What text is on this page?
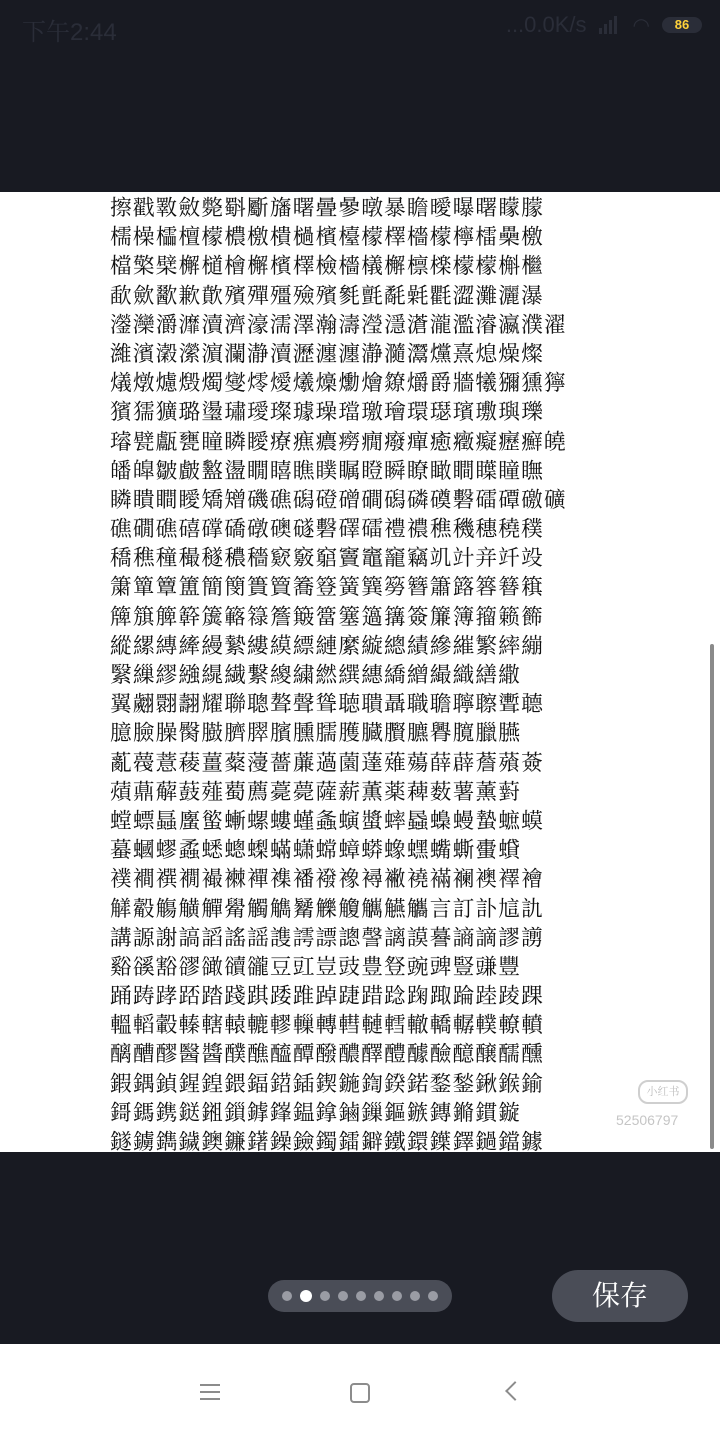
下午2:44	...0.0K/s ◠	86
擦戳斁斂斃斣斸旛曙曡曑暾暴瞻曖曝曙矇朦
檽橾櫺檀檬檂檄樻檛檳檯檬檡檣檬檸檑櫐檄
檔檠檗檞檤檜檞檳檡檢檣檥檞檩檪檬檬槲檵
歃歛歠歉歕殯殫殭殮殯毿氈氄氉氍澀灘灑瀑
灐灤灂灖瀆濟濠濡澤瀚濤瀅濦濸瀧濫濬瀛濮濯
濰濱瀔瀠濵瀾瀞瀆瀝瀍瀍瀞瀡灊爣熹熄燥燦
燨燉爈燬燭燮燯燰爔燺爋燴爒爝爵牆犧獼獯獰
獱獳獷璐璗璛璦璨璩璪璫璬璯環璱璸璷璵瓅
璿甓甗甕瞳瞵瞹療癄癑癆癇癈癉癒癥癡癧癬皢
皤皥皺皻盭盪瞯瞦瞧瞨瞩瞪瞬瞭瞰瞷瞸瞳瞴
瞵瞶瞷瞹矯矰磯礁磶磴磳磵磶磷磸礊礌磹礉礦
礁礀礁礂礃礄礅礇礈礊礋礌禮禯穛穖穗穘穙
穚穛穜穝穟穠穡窽竅竆竇竈竉竊竌竍竎竏竐
簘簞簟簠簡簢簣簤簥簦簧簨簩簪簫簬簭簮簯
簰簱簲簳簴簵簶簷簸簹簺簻簼簽簾簿籀籁籂
縱縲縳縴縵縶縷縸縹縺縻縼總績縿繀繁繂繃
繄繅繆繈繉繊繋繌繍繎繏繐繑繒繓織繕繖
翼翽翾翿耀聯聰聱聲聳聴聵聶職聸聹聺聻聼
臆臉臊臋臌臍臎臏臐臑臒臓臔臕臖臗臘臙
薍薎薏薐薑薒薓薔薕薖薗薘薙薚薛薜薝薞薟
薠薡薢薣薤薥薦薧薨薩薪薫薬薭薮薯薰薱
螳螵螶螷螸螹螺螻螼螽螾螿蟀蟁蟂蟃蟄蟅蟆
蟇蟈蟉蟊蟋蟌蟍蟎蟏蟐蟑蟒蟓蟔蟕蟖蟗蟘
襆襇襈襉襊襋襌襍襎襏襐襑襒襓襔襕襖襗襘
觲觳觴觵觶觷觸觹觺觻觼觽觾觿言訂訃訄訅
講謜謝謞謟謠謡謢謣謤謥謦謧謨謩謪謫謬謭
谿豀豁豂豃豄豅豆豇豈豉豊豋豌豍豎豏豐
踊踌踍踎踏踐踑踒踓踔踕踖踗踘踙踚踛踜踝
轀轁轂轃轄轅轆轇轈轉轊轋轌轍轎轏轐轑轒
醨醩醪醫醬醭醮醯醰醱醲醳醴醵醶醷醸醹醺
鍜鍝鍞鍟鍠鍡鍢鍣鍤鍥鍦鍧鍨鍩鍪鍫鍬鍭鍮
鎶鎷鎸鎹鎺鎻鎼鎽鎾鎿鏀鏁鏂鏃鏄鏅鏆鏇
鐩鐪鐫鐬鐭鐮鐯鐰鐱鐲鐳鐴鐵鐶鐷鐸鐹鐺鐻
小红书
52506797
保存
